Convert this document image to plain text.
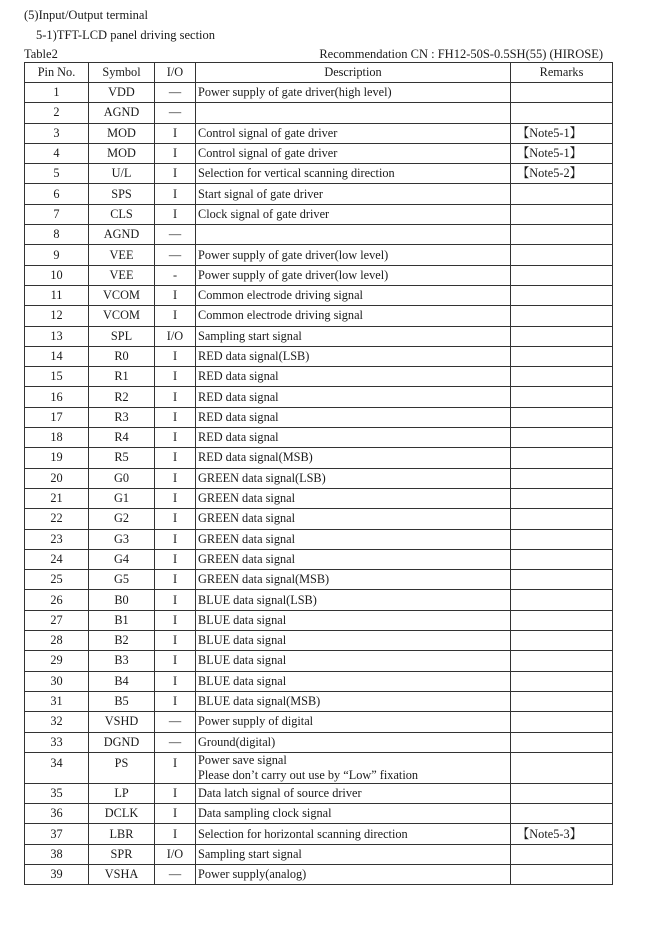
(5)Input/Output terminal
5-1)TFT-LCD panel driving section
Table2	Recommendation CN : FH12-50S-0.5SH(55) (HIROSE)
Pin No.	Symbol	I/O	Description	Remarks
1	VDD	—	Power supply of gate driver(high level)	
2	AGND	—		
3	MOD	I	Control signal of gate driver	【Note5-1】
4	MOD	I	Control signal of gate driver	【Note5-1】
5	U/L	I	Selection for vertical scanning direction	【Note5-2】
6	SPS	I	Start signal of gate driver	
7	CLS	I	Clock signal of gate driver	
8	AGND	—		
9	VEE	—	Power supply of gate driver(low level)	
10	VEE	-	Power supply of gate driver(low level)	
11	VCOM	I	Common electrode driving signal	
12	VCOM	I	Common electrode driving signal	
13	SPL	I/O	Sampling start signal	
14	R0	I	RED data signal(LSB)	
15	R1	I	RED data signal	
16	R2	I	RED data signal	
17	R3	I	RED data signal	
18	R4	I	RED data signal	
19	R5	I	RED data signal(MSB)	
20	G0	I	GREEN data signal(LSB)	
21	G1	I	GREEN data signal	
22	G2	I	GREEN data signal	
23	G3	I	GREEN data signal	
24	G4	I	GREEN data signal	
25	G5	I	GREEN data signal(MSB)	
26	B0	I	BLUE data signal(LSB)	
27	B1	I	BLUE data signal	
28	B2	I	BLUE data signal	
29	B3	I	BLUE data signal	
30	B4	I	BLUE data signal	
31	B5	I	BLUE data signal(MSB)	
32	VSHD	—	Power supply of digital	
33	DGND	—	Ground(digital)	
34	PS	I	Power save signal
Please don’t carry out use by “Low” fixation	

35	LP	I	Data latch signal of source driver	
36	DCLK	I	Data sampling clock signal	
37	LBR	I	Selection for horizontal scanning direction	【Note5-3】
38	SPR	I/O	Sampling start signal	
39	VSHA	—	Power supply(analog)	
